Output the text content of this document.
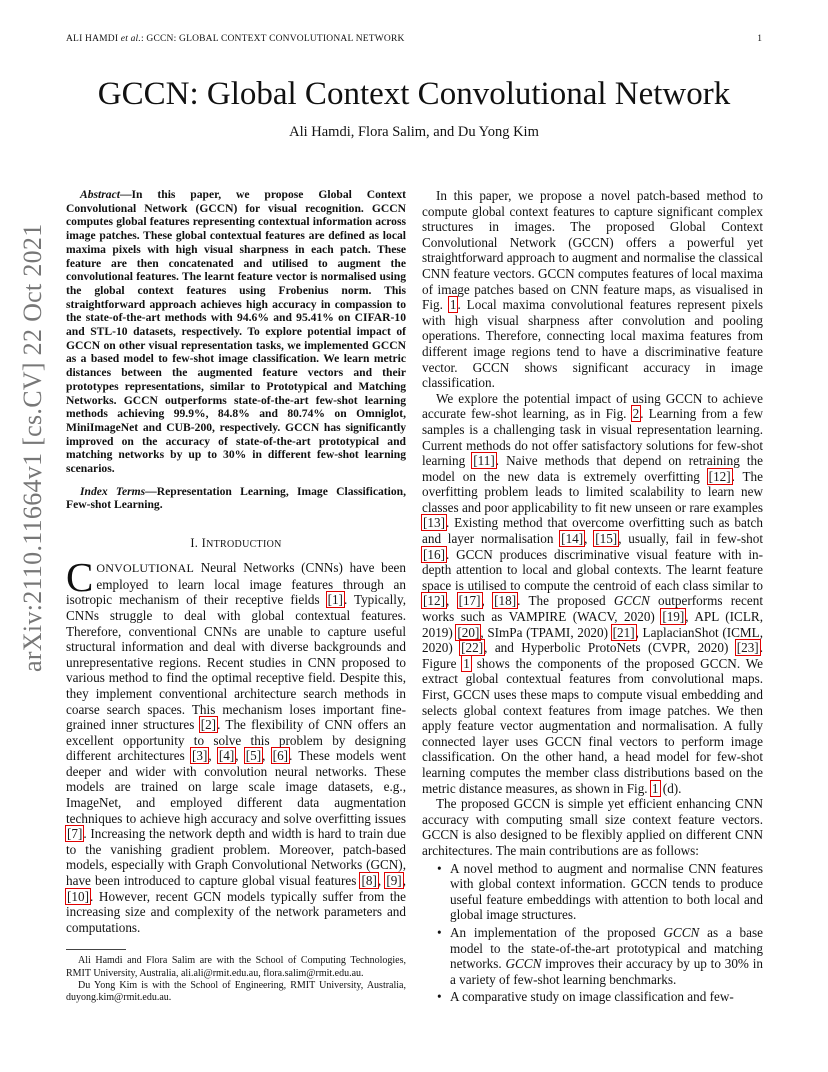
ALI HAMDI et al.: GCCN: GLOBAL CONTEXT CONVOLUTIONAL NETWORK	1
arXiv:2110.11664v1 [cs.CV] 22 Oct 2021
GCCN: Global Context Convolutional Network
Ali Hamdi, Flora Salim, and Du Yong Kim

Abstract—In this paper, we propose Global Context Convolutional Network (GCCN) for visual recognition. GCCN computes global features representing contextual information across image patches. These global contextual features are defined as local maxima pixels with high visual sharpness in each patch. These feature are then concatenated and utilised to augment the convolutional features. The learnt feature vector is normalised using the global context features using Frobenius norm. This straightforward approach achieves high accuracy in compassion to the state-of-the-art methods with 94.6% and 95.41% on CIFAR-10 and STL-10 datasets, respectively. To explore potential impact of GCCN on other visual representation tasks, we implemented GCCN as a based model to few-shot image classification. We learn metric distances between the augmented feature vectors and their prototypes representations, similar to Prototypical and Matching Networks. GCCN outperforms state-of-the-art few-shot learning methods achieving 99.9%, 84.8% and 80.74% on Omniglot, MiniImageNet and CUB-200, respectively. GCCN has significantly improved on the accuracy of state-of-the-art prototypical and matching networks by up to 30% in different few-shot learning scenarios.

Index Terms—Representation Learning, Image Classification, Few-shot Learning.

I. INTRODUCTION

CONVOLUTIONAL Neural Networks (CNNs) have been employed to learn local image features through an isotropic mechanism of their receptive fields [1]. Typically, CNNs struggle to deal with global contextual features. Therefore, conventional CNNs are unable to capture useful structural information and deal with diverse backgrounds and unrepresentative regions. Recent studies in CNN proposed to various method to find the optimal receptive field. Despite this, they implement conventional architecture search methods in coarse search spaces. This mechanism loses important fine-grained inner structures [2]. The flexibility of CNN offers an excellent opportunity to solve this problem by designing different architectures [3], [4], [5], [6]. These models went deeper and wider with convolution neural networks. These models are trained on large scale image datasets, e.g., ImageNet, and employed different data augmentation techniques to achieve high accuracy and solve overfitting issues [7]. Increasing the network depth and width is hard to train due to the vanishing gradient problem. Moreover, patch-based models, especially with Graph Convolutional Networks (GCN), have been introduced to capture global visual features [8], [9], [10]. However, recent GCN models typically suffer from the increasing size and complexity of the network parameters and computations.

Ali Hamdi and Flora Salim are with the School of Computing Technologies, RMIT University, Australia, ali.ali@rmit.edu.au, flora.salim@rmit.edu.au.

Du Yong Kim is with the School of Engineering, RMIT University, Australia, duyong.kim@rmit.edu.au.

In this paper, we propose a novel patch-based method to compute global context features to capture significant complex structures in images. The proposed Global Context Convolutional Network (GCCN) offers a powerful yet straightforward approach to augment and normalise the classical CNN feature vectors. GCCN computes features of local maxima of image patches based on CNN feature maps, as visualised in Fig. 1. Local maxima convolutional features represent pixels with high visual sharpness after convolution and pooling operations. Therefore, connecting local maxima features from different image regions tend to have a discriminative feature vector. GCCN shows significant accuracy in image classification.

We explore the potential impact of using GCCN to achieve accurate few-shot learning, as in Fig. 2. Learning from a few samples is a challenging task in visual representation learning. Current methods do not offer satisfactory solutions for few-shot learning [11]. Naive methods that depend on retraining the model on the new data is extremely overfitting [12]. The overfitting problem leads to limited scalability to learn new classes and poor applicability to fit new unseen or rare examples [13]. Existing method that overcome overfitting such as batch and layer normalisation [14], [15], usually, fail in few-shot [16]. GCCN produces discriminative visual feature with in-depth attention to local and global contexts. The learnt feature space is utilised to compute the centroid of each class similar to [12], [17], [18]. The proposed GCCN outperforms recent works such as VAMPIRE (WACV, 2020) [19], APL (ICLR, 2019) [20], SImPa (TPAMI, 2020) [21], LaplacianShot (ICML, 2020) [22], and Hyperbolic ProtoNets (CVPR, 2020) [23]. Figure 1 shows the components of the proposed GCCN. We extract global contextual features from convolutional maps. First, GCCN uses these maps to compute visual embedding and selects global context features from image patches. We then apply feature vector augmentation and normalisation. A fully connected layer uses GCCN final vectors to perform image classification. On the other hand, a head model for few-shot learning computes the member class distributions based on the metric distance measures, as shown in Fig. 1 (d).

The proposed GCCN is simple yet efficient enhancing CNN accuracy with computing small size context feature vectors. GCCN is also designed to be flexibly applied on different CNN architectures. The main contributions are as follows:

• A novel method to augment and normalise CNN features with global context information. GCCN tends to produce useful feature embeddings with attention to both local and global image structures.
• An implementation of the proposed GCCN as a base model to the state-of-the-art prototypical and matching networks. GCCN improves their accuracy by up to 30% in a variety of few-shot learning benchmarks.
• A comparative study on image classification and few-
